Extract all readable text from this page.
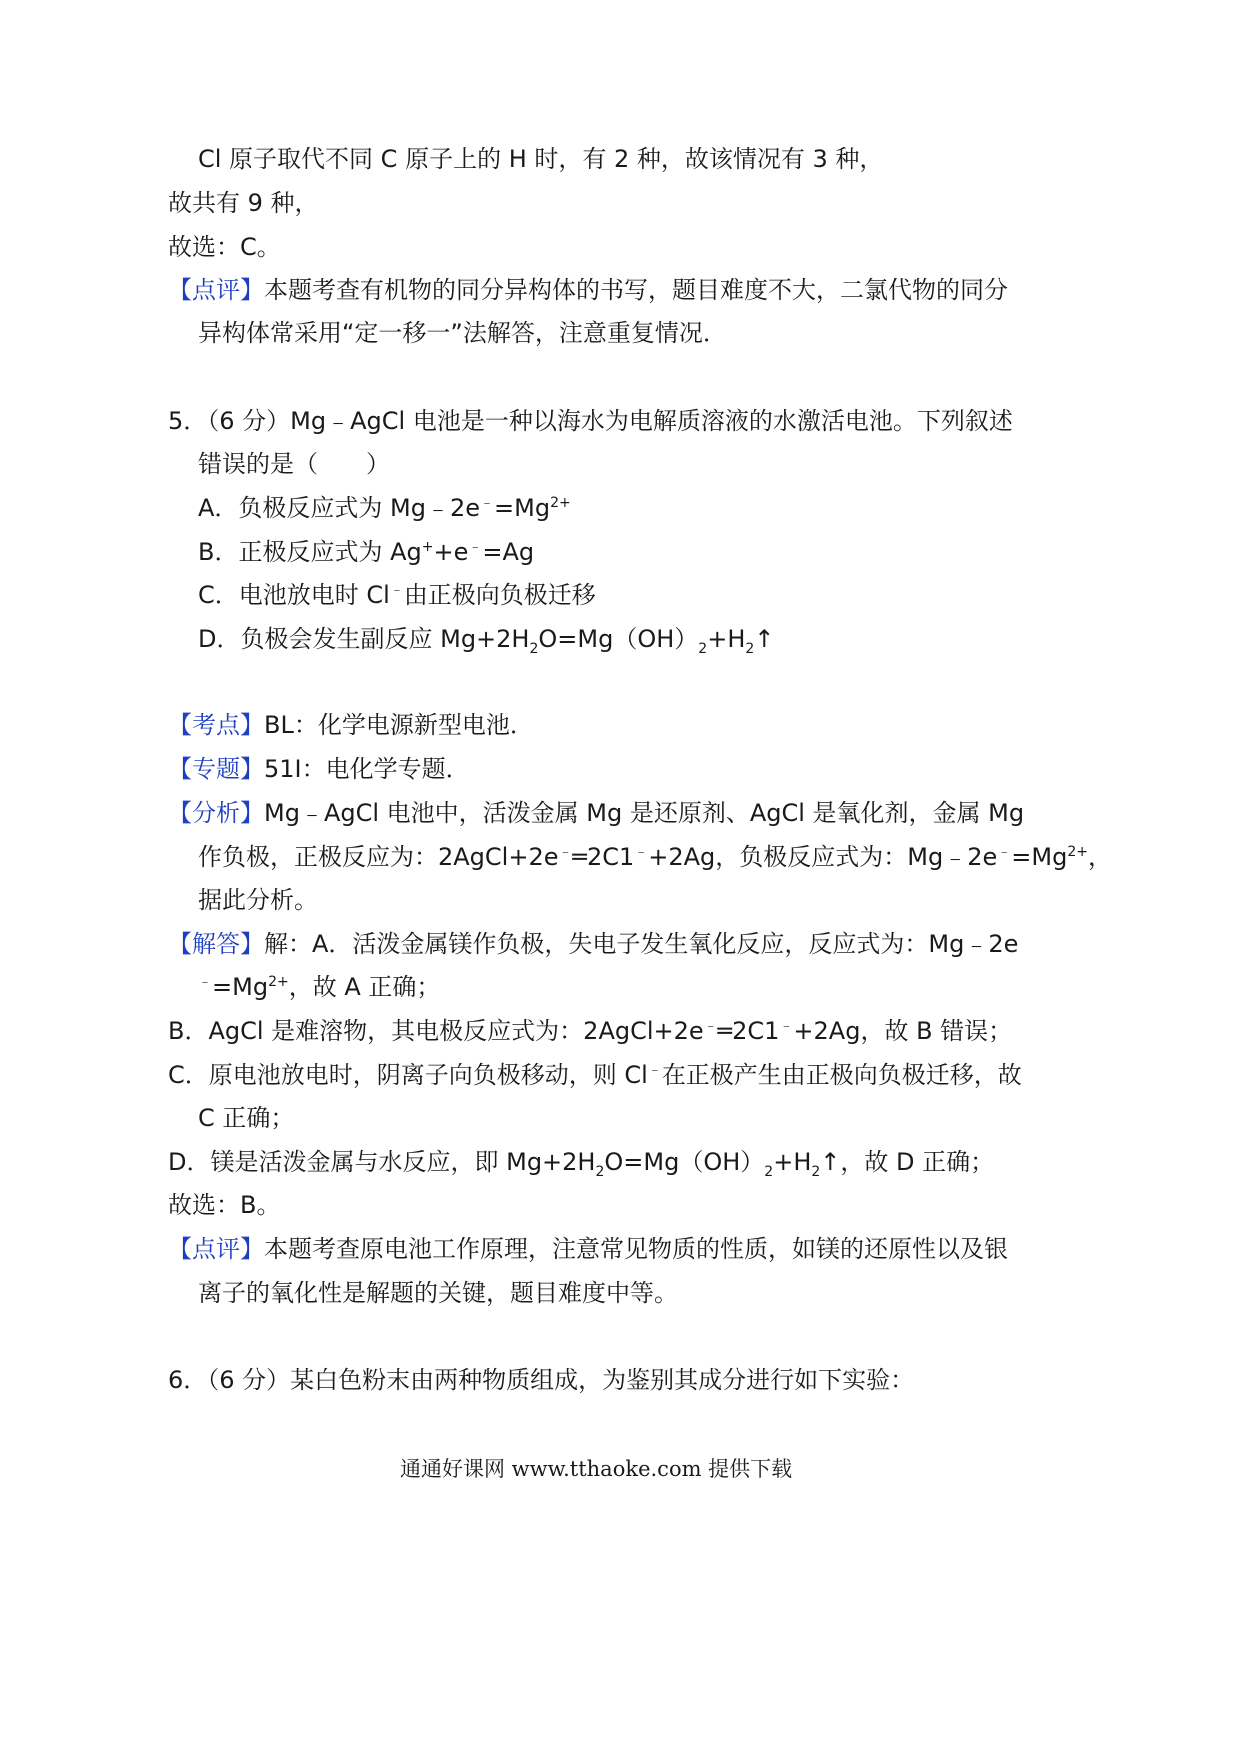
Cl 原子取代不同 C 原子上的 H 时，有 2 种，故该情况有 3 种，
故共有 9 种，
故选：C。
【点评】本题考查有机物的同分异构体的书写，题目难度不大，二氯代物的同分
异构体常采用“定一移一”法解答，注意重复情况．
5．（6 分）Mg﹣AgCl 电池是一种以海水为电解质溶液的水激活电池。下列叙述
错误的是（　　）
A．负极反应式为 $Mg﹣2e^﹣=Mg^{2+}$
B．正极反应式为 Ag++e﹣=Ag
C．电池放电时 Cl﹣由正极向负极迁移
D．负极会发生副反应 $Mg+2H_2O=Mg(OH)_2+H_2↑$
【考点】BL：化学电源新型电池．
【专题】51I：电化学专题．
【分析】Mg﹣AgCl 电池中，活泼金属 Mg 是还原剂、AgCl 是氧化剂，金属 Mg
作负极，正极反应为：2AgCl+2e﹣═2C1﹣+2Ag，负极反应式为：$Mg﹣2e^﹣=Mg^{2+}$，
据此分析。
【解答】解：A．活泼金属镁作负极，失电子发生氧化反应，反应式为：Mg﹣2e
$^﹣=Mg^{2+}$，故 A 正确；
B．AgCl 是难溶物，其电极反应式为：2AgCl+2e﹣═2C1﹣+2Ag，故 B 错误；
C．原电池放电时，阴离子向负极移动，则 Cl﹣在正极产生由正极向负极迁移，故
C 正确；
D．镁是活泼金属与水反应，即 $Mg+2H_2O=Mg(OH)_2+H_2↑$，故 D 正确；
故选：B。
【点评】本题考查原电池工作原理，注意常见物质的性质，如镁的还原性以及银
离子的氧化性是解题的关键，题目难度中等。
6．（6 分）某白色粉末由两种物质组成，为鉴别其成分进行如下实验：
通通好课网 www.tthaoke.com 提供下载
